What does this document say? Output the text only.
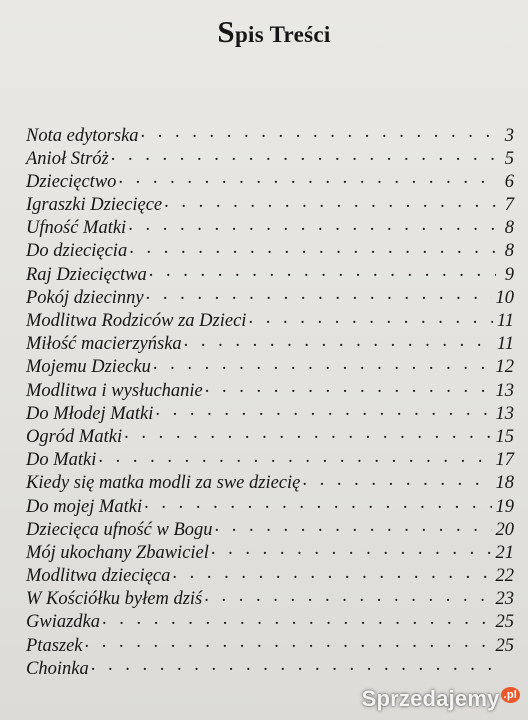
Spis Treści
Nota edytorska . . .	3
Anioł Stróż . . .	5
Dziecięctwo . . .	6
Igraszki Dziecięce . . .	7
Ufność Matki . . .	8
Do dziecięcia . . .	8
Raj Dziecięctwa . . .	9
Pokój dziecinny . . .	10
Modlitwa Rodziców za Dzieci . . .	11
Miłość macierzyńska . . .	11
Mojemu Dziecku . . .	12
Modlitwa i wysłuchanie . . .	13
Do Młodej Matki . . .	13
Ogród Matki . . .	15
Do Matki . . .	17
Kiedy się matka modli za swe dziecię . . .	18
Do mojej Matki . . .	19
Dziecięca ufność w Bogu . . .	20
Mój ukochany Zbawiciel . . .	21
Modlitwa dziecięca . . .	22
W Kościółku byłem dziś . . .	23
Gwiazdka . . .	25
Ptaszek . . .	25
Choinka
. . .
Sprzedajemy $^{.pl}$
